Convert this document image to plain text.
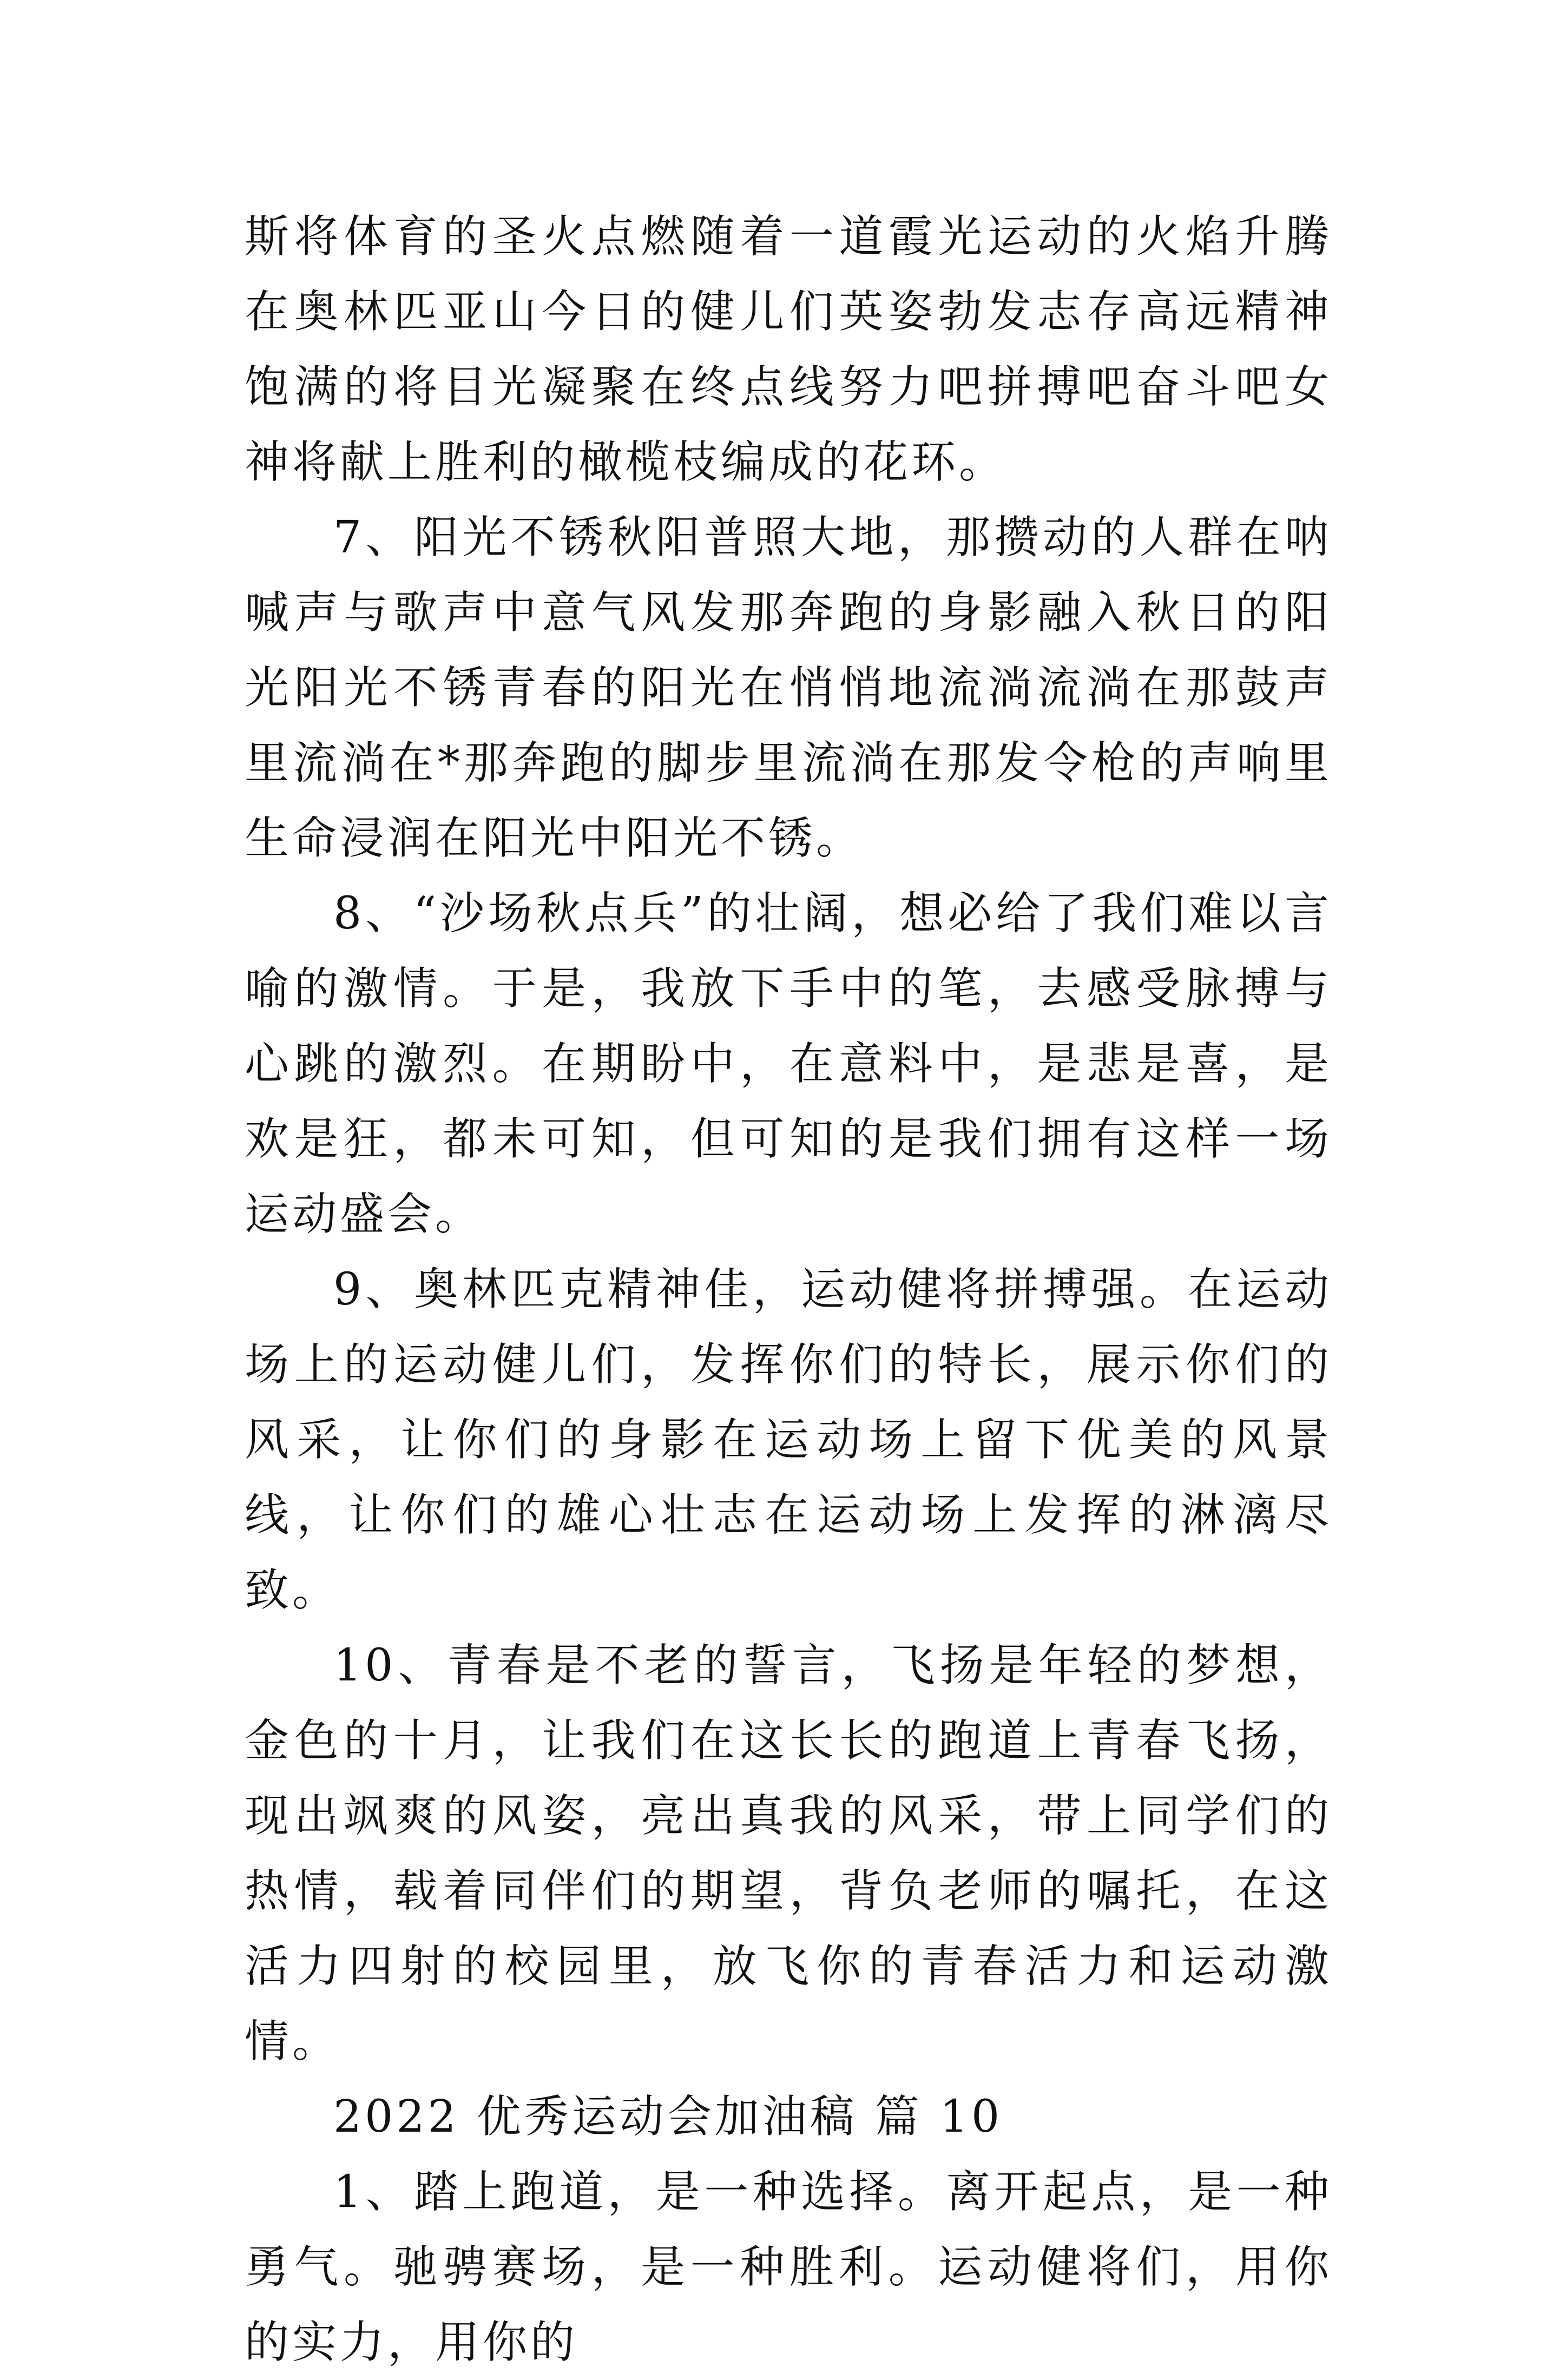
斯将体育的圣火点燃随着一道霞光运动的火焰升腾在奥林匹亚山今日的健儿们英姿勃发志存高远精神饱满的将目光凝聚在终点线努力吧拼搏吧奋斗吧女神将献上胜利的橄榄枝编成的花环。

7、阳光不锈秋阳普照大地，那攒动的人群在呐喊声与歌声中意气风发那奔跑的身影融入秋日的阳光阳光不锈青春的阳光在悄悄地流淌流淌在那鼓声里流淌在*那奔跑的脚步里流淌在那发令枪的声响里生命浸润在阳光中阳光不锈。

8、“沙场秋点兵”的壮阔，想必给了我们难以言喻的激情。于是，我放下手中的笔，去感受脉搏与心跳的激烈。在期盼中，在意料中，是悲是喜，是欢是狂，都未可知，但可知的是我们拥有这样一场运动盛会。

9、奥林匹克精神佳，运动健将拼搏强。在运动场上的运动健儿们，发挥你们的特长，展示你们的风采，让你们的身影在运动场上留下优美的风景线，让你们的雄心壮志在运动场上发挥的淋漓尽致。

10、青春是不老的誓言，飞扬是年轻的梦想，金色的十月，让我们在这长长的跑道上青春飞扬，现出飒爽的风姿，亮出真我的风采，带上同学们的热情，载着同伴们的期望，背负老师的嘱托，在这活力四射的校园里，放飞你的青春活力和运动激情。

2022 优秀运动会加油稿 篇 10

1、踏上跑道，是一种选择。离开起点，是一种勇气。驰骋赛场，是一种胜利。运动健将们，用你的实力，用你的
